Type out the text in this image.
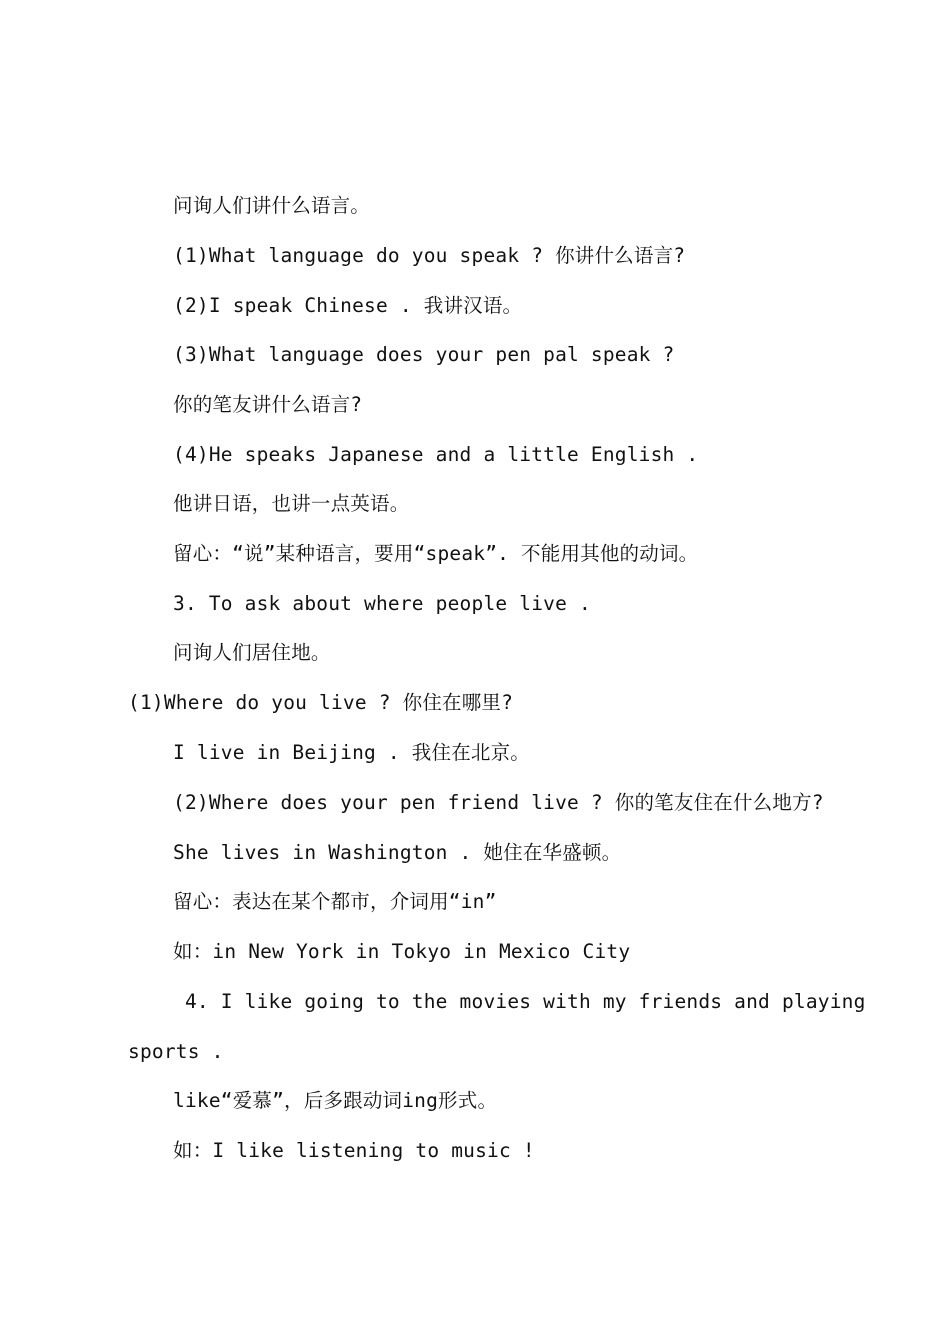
问询人们讲什么语言。
(1)What language do you speak ? 你讲什么语言?
(2)I speak Chinese . 我讲汉语。
(3)What language does your pen pal speak ?
你的笔友讲什么语言?
(4)He speaks Japanese and a little English .
他讲日语，也讲一点英语。
留心：“说”某种语言，要用“speak”. 不能用其他的动词。
3. To ask about where people live .
问询人们居住地。
(1)Where do you live ? 你住在哪里?
I live in Beijing . 我住在北京。
(2)Where does your pen friend live ? 你的笔友住在什么地方?
She lives in Washington . 她住在华盛顿。
留心：表达在某个都市，介词用“in”
如：in New York in Tokyo in Mexico City
4. I like going to the movies with my friends and playing
sports .
like“爱慕”，后多跟动词ing形式。
如：I like listening to music !
